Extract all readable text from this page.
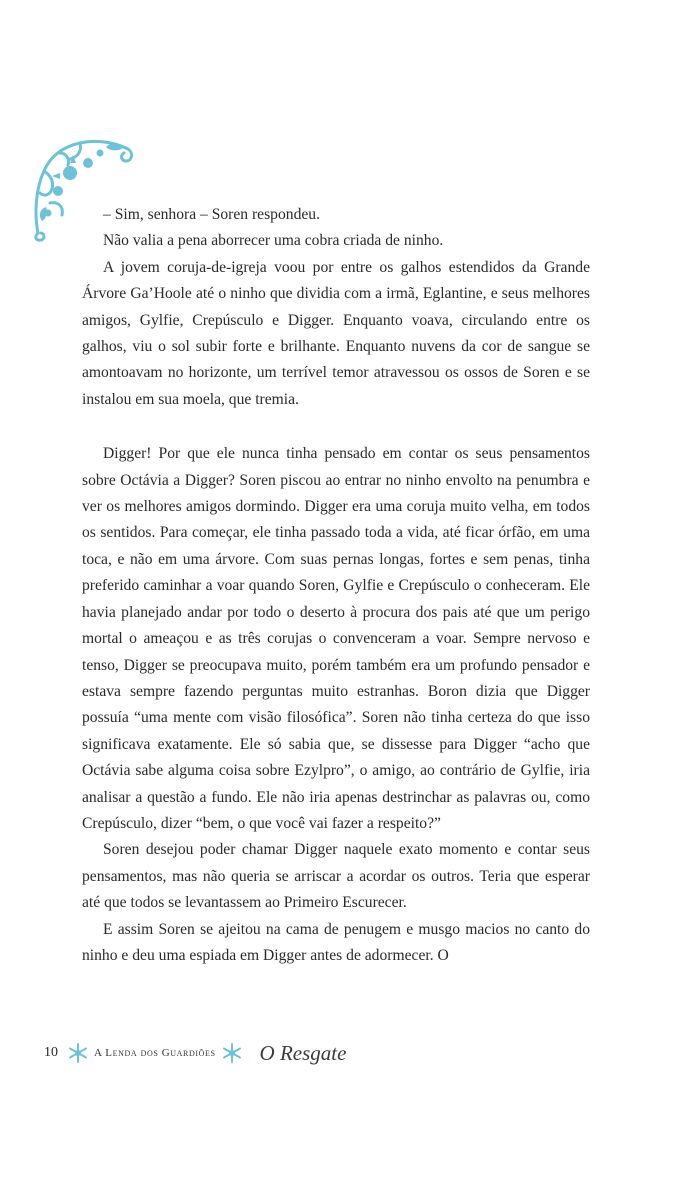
– Sim, senhora – Soren respondeu.

Não valia a pena aborrecer uma cobra criada de ninho.

A jovem coruja-de-igreja voou por entre os galhos estendidos da Grande Árvore Ga’Hoole até o ninho que dividia com a irmã, Eglantine, e seus melhores amigos, Gylfie, Crepúsculo e Digger. Enquanto voava, circulando entre os galhos, viu o sol subir forte e brilhante. Enquanto nuvens da cor de sangue se amontoavam no horizonte, um terrível temor atravessou os ossos de Soren e se instalou em sua moela, que tremia.

Digger! Por que ele nunca tinha pensado em contar os seus pensamentos sobre Octávia a Digger? Soren piscou ao entrar no ninho envolto na penumbra e ver os melhores amigos dormindo. Digger era uma coruja muito velha, em todos os sentidos. Para começar, ele tinha passado toda a vida, até ficar órfão, em uma toca, e não em uma árvore. Com suas pernas longas, fortes e sem penas, tinha preferido caminhar a voar quando Soren, Gylfie e Crepúsculo o conheceram. Ele havia planejado andar por todo o deserto à procura dos pais até que um perigo mortal o ameaçou e as três corujas o convenceram a voar. Sempre nervoso e tenso, Digger se preocupava muito, porém também era um profundo pensador e estava sempre fazendo perguntas muito estranhas. Boron dizia que Digger possuía “uma mente com visão filosófica”. Soren não tinha certeza do que isso significava exatamente. Ele só sabia que, se dissesse para Digger “acho que Octávia sabe alguma coisa sobre Ezylpro”, o amigo, ao contrário de Gylfie, iria analisar a questão a fundo. Ele não iria apenas destrinchar as palavras ou, como Crepúsculo, dizer “bem, o que você vai fazer a respeito?”

Soren desejou poder chamar Digger naquele exato momento e contar seus pensamentos, mas não queria se arriscar a acordar os outros. Teria que esperar até que todos se levantassem ao Primeiro Escurecer.

E assim Soren se ajeitou na cama de penugem e musgo macios no canto do ninho e deu uma espiada em Digger antes de adormecer. O

10	A Lenda dos Guardiões O Resgate
